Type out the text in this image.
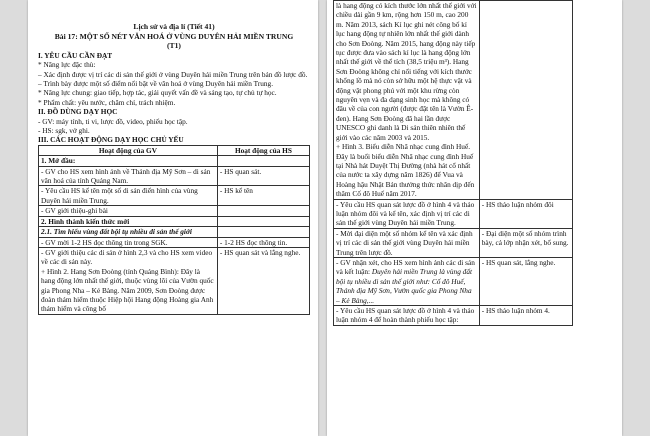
Lịch sử và địa lí (Tiết 41)
Bài 17: MỘT SỐ NÉT VĂN HOÁ Ở VÙNG DUYÊN HẢI MIỀN TRUNG
(T1)

I. YÊU CẦU CẦN ĐẠT

* Năng lực đặc thù:

– Xác định được vị trí các di sản thế giới ở vùng Duyên hải miền Trung trên bản đồ lược đồ.

– Trình bày được một số điểm nổi bật về văn hoá ở vùng Duyên hải miền Trung.

* Năng lực chung: giao tiếp, hợp tác, giải quyết vấn đề và sáng tạo, tự chủ tự học.

* Phẩm chất: yêu nước, chăm chỉ, trách nhiệm.

II. ĐỒ DÙNG DẠY HỌC

- GV: máy tính, ti vi, lược đồ, video, phiếu học tập.

- HS: sgk, vở ghi.

III. CÁC HOẠT ĐỘNG DẠY HỌC CHỦ YẾU

Hoạt động của GV	Hoạt động của HS
1. Mở đầu:	
- GV cho HS xem hình ảnh về Thánh địa Mỹ Sơn – di sản văn hoá của tỉnh Quảng Nam.	- HS quan sát.
- Yêu cầu HS kể tên một số di sản điển hình của vùng Duyên hải miền Trung.	- HS kể tên
- GV giới thiệu-ghi bài	
2. Hình thành kiến thức mới	
2.1. Tìm hiểu vùng đất bội tụ nhiều di sản thế giới	
- GV mời 1-2 HS đọc thông tin trong SGK.	- 1-2 HS đọc thông tin.

- GV giới thiệu các di sản ở hình 2,3 và cho HS xem video về các di sản này.

+ Hình 2. Hang Sơn Đoòng (tỉnh Quảng Bình): Đây là hang động lớn nhất thế giới, thuộc vùng lõi của Vườn quốc gia Phong Nha – Kẻ Bàng. Năm 2009, Sơn Đoòng được đoàn thám hiểm thuộc Hiệp hội Hang động Hoàng gia Anh thám hiểm và công bố	- HS quan sát và lắng nghe.

là hang động có kích thước lớn nhất thế giới với chiều dài gần 9 km, rộng hơn 150 m, cao 200 m. Năm 2013, sách Kỉ lục ghi nét công bố kỉ lục hang động tự nhiên lớn nhất thế giới dành cho Sơn Đoòng. Năm 2015, hang động này tiếp tục được đưa vào sách kỉ lục là hang động lớn nhất thế giới về thể tích (38,5 triệu m³). Hang Sơn Đoòng không chỉ nổi tiếng với kích thước khổng lồ mà nó còn sở hữu một hệ thực vật và động vật phong phú với một khu rừng còn nguyên vẹn và đa dạng sinh học mà không có đâu về của con người (được đặt tên là Vườn Ê-đen). Hang Sơn Đoòng đã hai lần được UNESCO ghi danh là Di sản thiên nhiên thế giới vào các năm 2003 và 2015.

+ Hình 3. Biểu diễn Nhã nhạc cung đình Huế. Đây là buổi biểu diễn Nhã nhạc cung đình Huế tại Nhà hát Duyệt Thị Đường (nhà hát cổ nhất của nước ta xây dựng năm 1826) để Vua và Hoàng hậu Nhật Bản thưởng thức nhân dịp đến thăm Cố đô Huế năm 2017.	

- Yêu cầu HS quan sát lược đồ ở hình 4 và thảo luận nhóm đôi và kể tên, xác định vị trí các di sản thế giới vùng Duyên hải miền Trung.	- HS thảo luận nhóm đôi
- Mời đại diện một số nhóm kể tên và xác định vị trí các di sản thế giới vùng Duyên hải miền Trung trên lược đồ.	- Đại diện một số nhóm trình bày, cả lớp nhận xét, bổ sung.
- GV nhận xét, cho HS xem hình ảnh các di sản và kết luận: Duyên hải miền Trung là vùng đất bội tụ nhiều di sản thế giới như: Cố đô Huế, Thánh địa Mỹ Sơn, Vườn quốc gia Phong Nha – Kẻ Bàng,...	- HS quan sát, lắng nghe.
- Yêu cầu HS quan sát lược đồ ở hình 4 và thảo luận nhóm 4 để hoàn thành phiếu học tập:	- HS thảo luận nhóm 4.
